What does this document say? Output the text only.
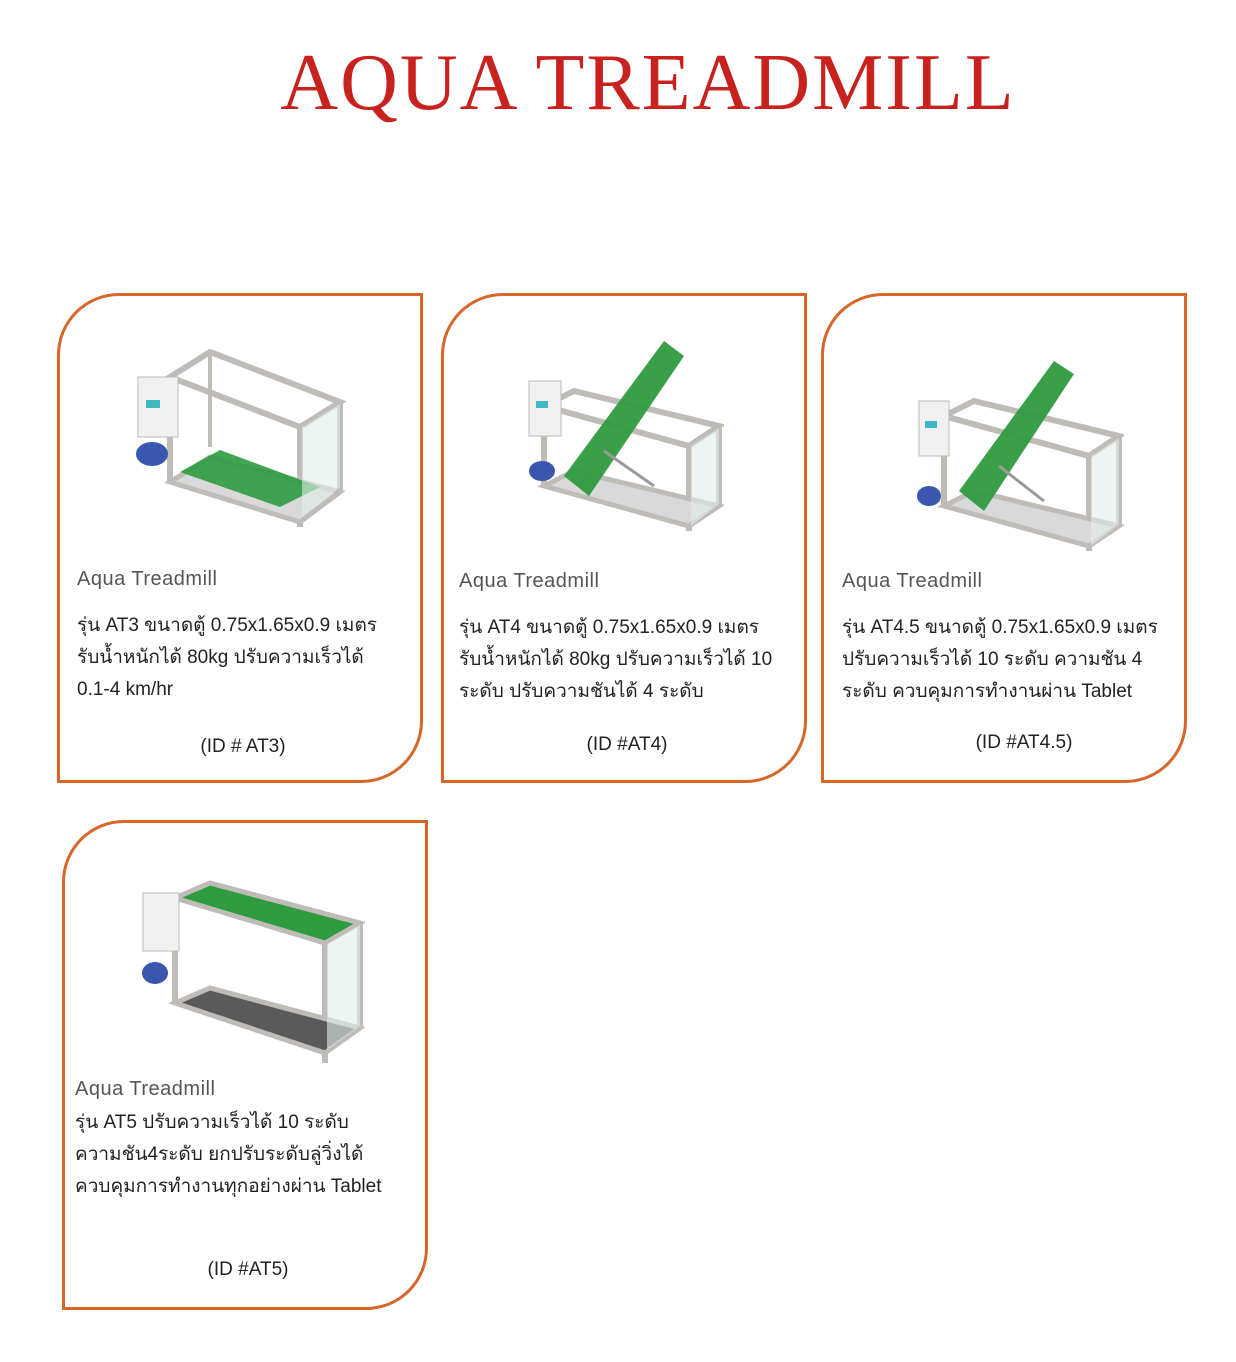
AQUA TREADMILL
Aqua Treadmill
รุ่น AT3 ขนาดตู้ 0.75x1.65x0.9 เมตร
รับน้ำหนักได้ 80kg ปรับความเร็วได้
0.1-4 km/hr
(ID # AT3)
Aqua Treadmill
รุ่น AT4 ขนาดตู้ 0.75x1.65x0.9 เมตร
รับน้ำหนักได้ 80kg ปรับความเร็วได้ 10
ระดับ ปรับความชันได้ 4 ระดับ
(ID #AT4)
Aqua Treadmill
รุ่น AT4.5 ขนาดตู้ 0.75x1.65x0.9 เมตร
ปรับความเร็วได้ 10 ระดับ ความชัน 4
ระดับ ควบคุมการทำงานผ่าน Tablet
(ID #AT4.5)
Aqua Treadmill
รุ่น AT5 ปรับความเร็วได้ 10 ระดับ
ความชัน4ระดับ ยกปรับระดับลู่วิ่งได้
ควบคุมการทำงานทุกอย่างผ่าน Tablet
(ID #AT5)
